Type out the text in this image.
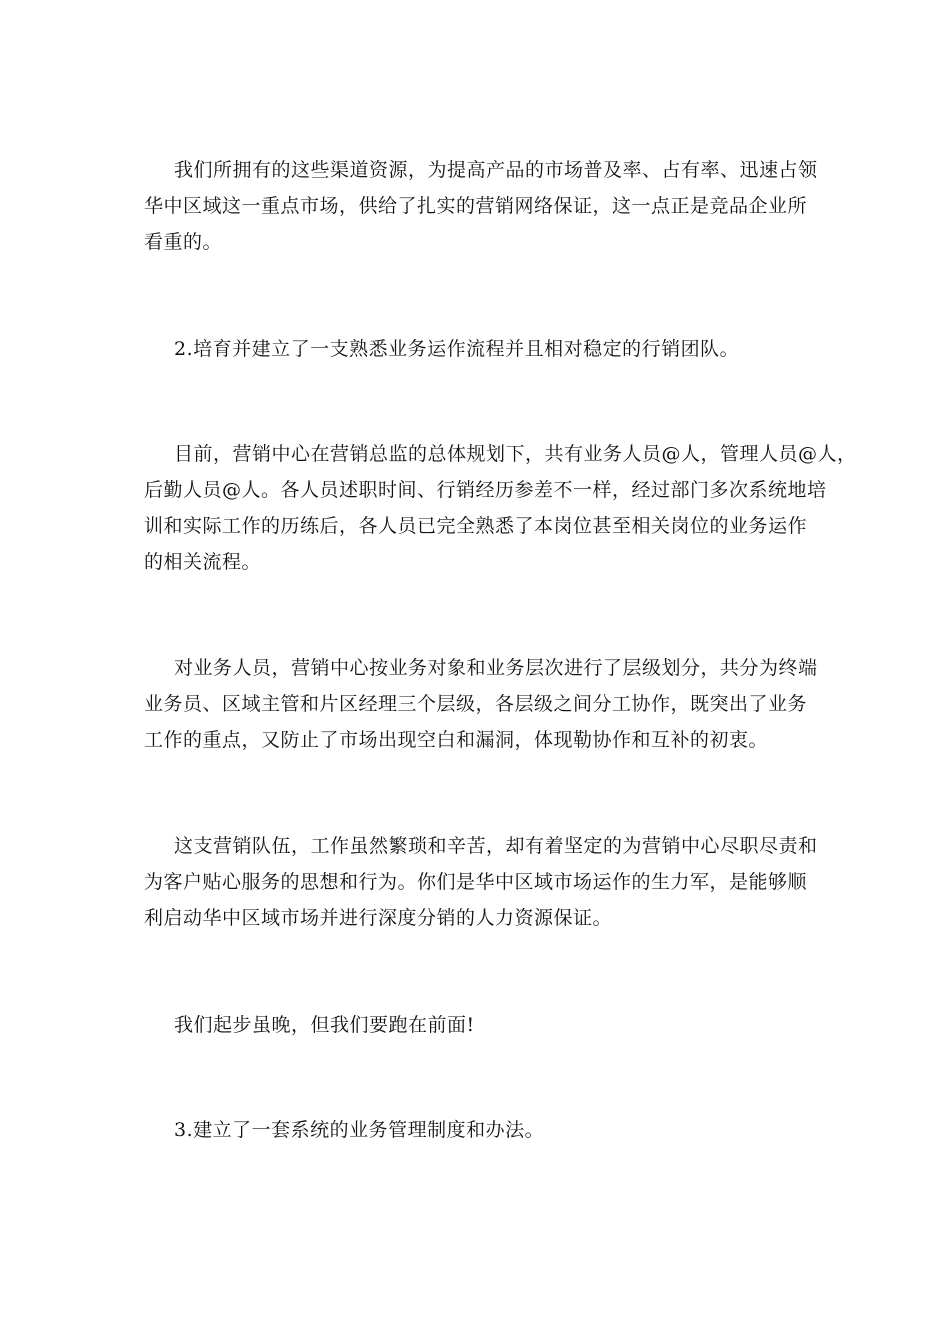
我们所拥有的这些渠道资源，为提高产品的市场普及率、占有率、迅速占领
华中区域这一重点市场，供给了扎实的营销网络保证，这一点正是竞品企业所
看重的。
2.培育并建立了一支熟悉业务运作流程并且相对稳定的行销团队。
目前，营销中心在营销总监的总体规划下，共有业务人员@人，管理人员@人，
后勤人员@人。各人员述职时间、行销经历参差不一样，经过部门多次系统地培
训和实际工作的历练后，各人员已完全熟悉了本岗位甚至相关岗位的业务运作
的相关流程。
对业务人员，营销中心按业务对象和业务层次进行了层级划分，共分为终端
业务员、区域主管和片区经理三个层级，各层级之间分工协作，既突出了业务
工作的重点，又防止了市场出现空白和漏洞，体现勒协作和互补的初衷。
这支营销队伍，工作虽然繁琐和辛苦，却有着坚定的为营销中心尽职尽责和
为客户贴心服务的思想和行为。你们是华中区域市场运作的生力军，是能够顺
利启动华中区域市场并进行深度分销的人力资源保证。
我们起步虽晚，但我们要跑在前面!
3.建立了一套系统的业务管理制度和办法。
